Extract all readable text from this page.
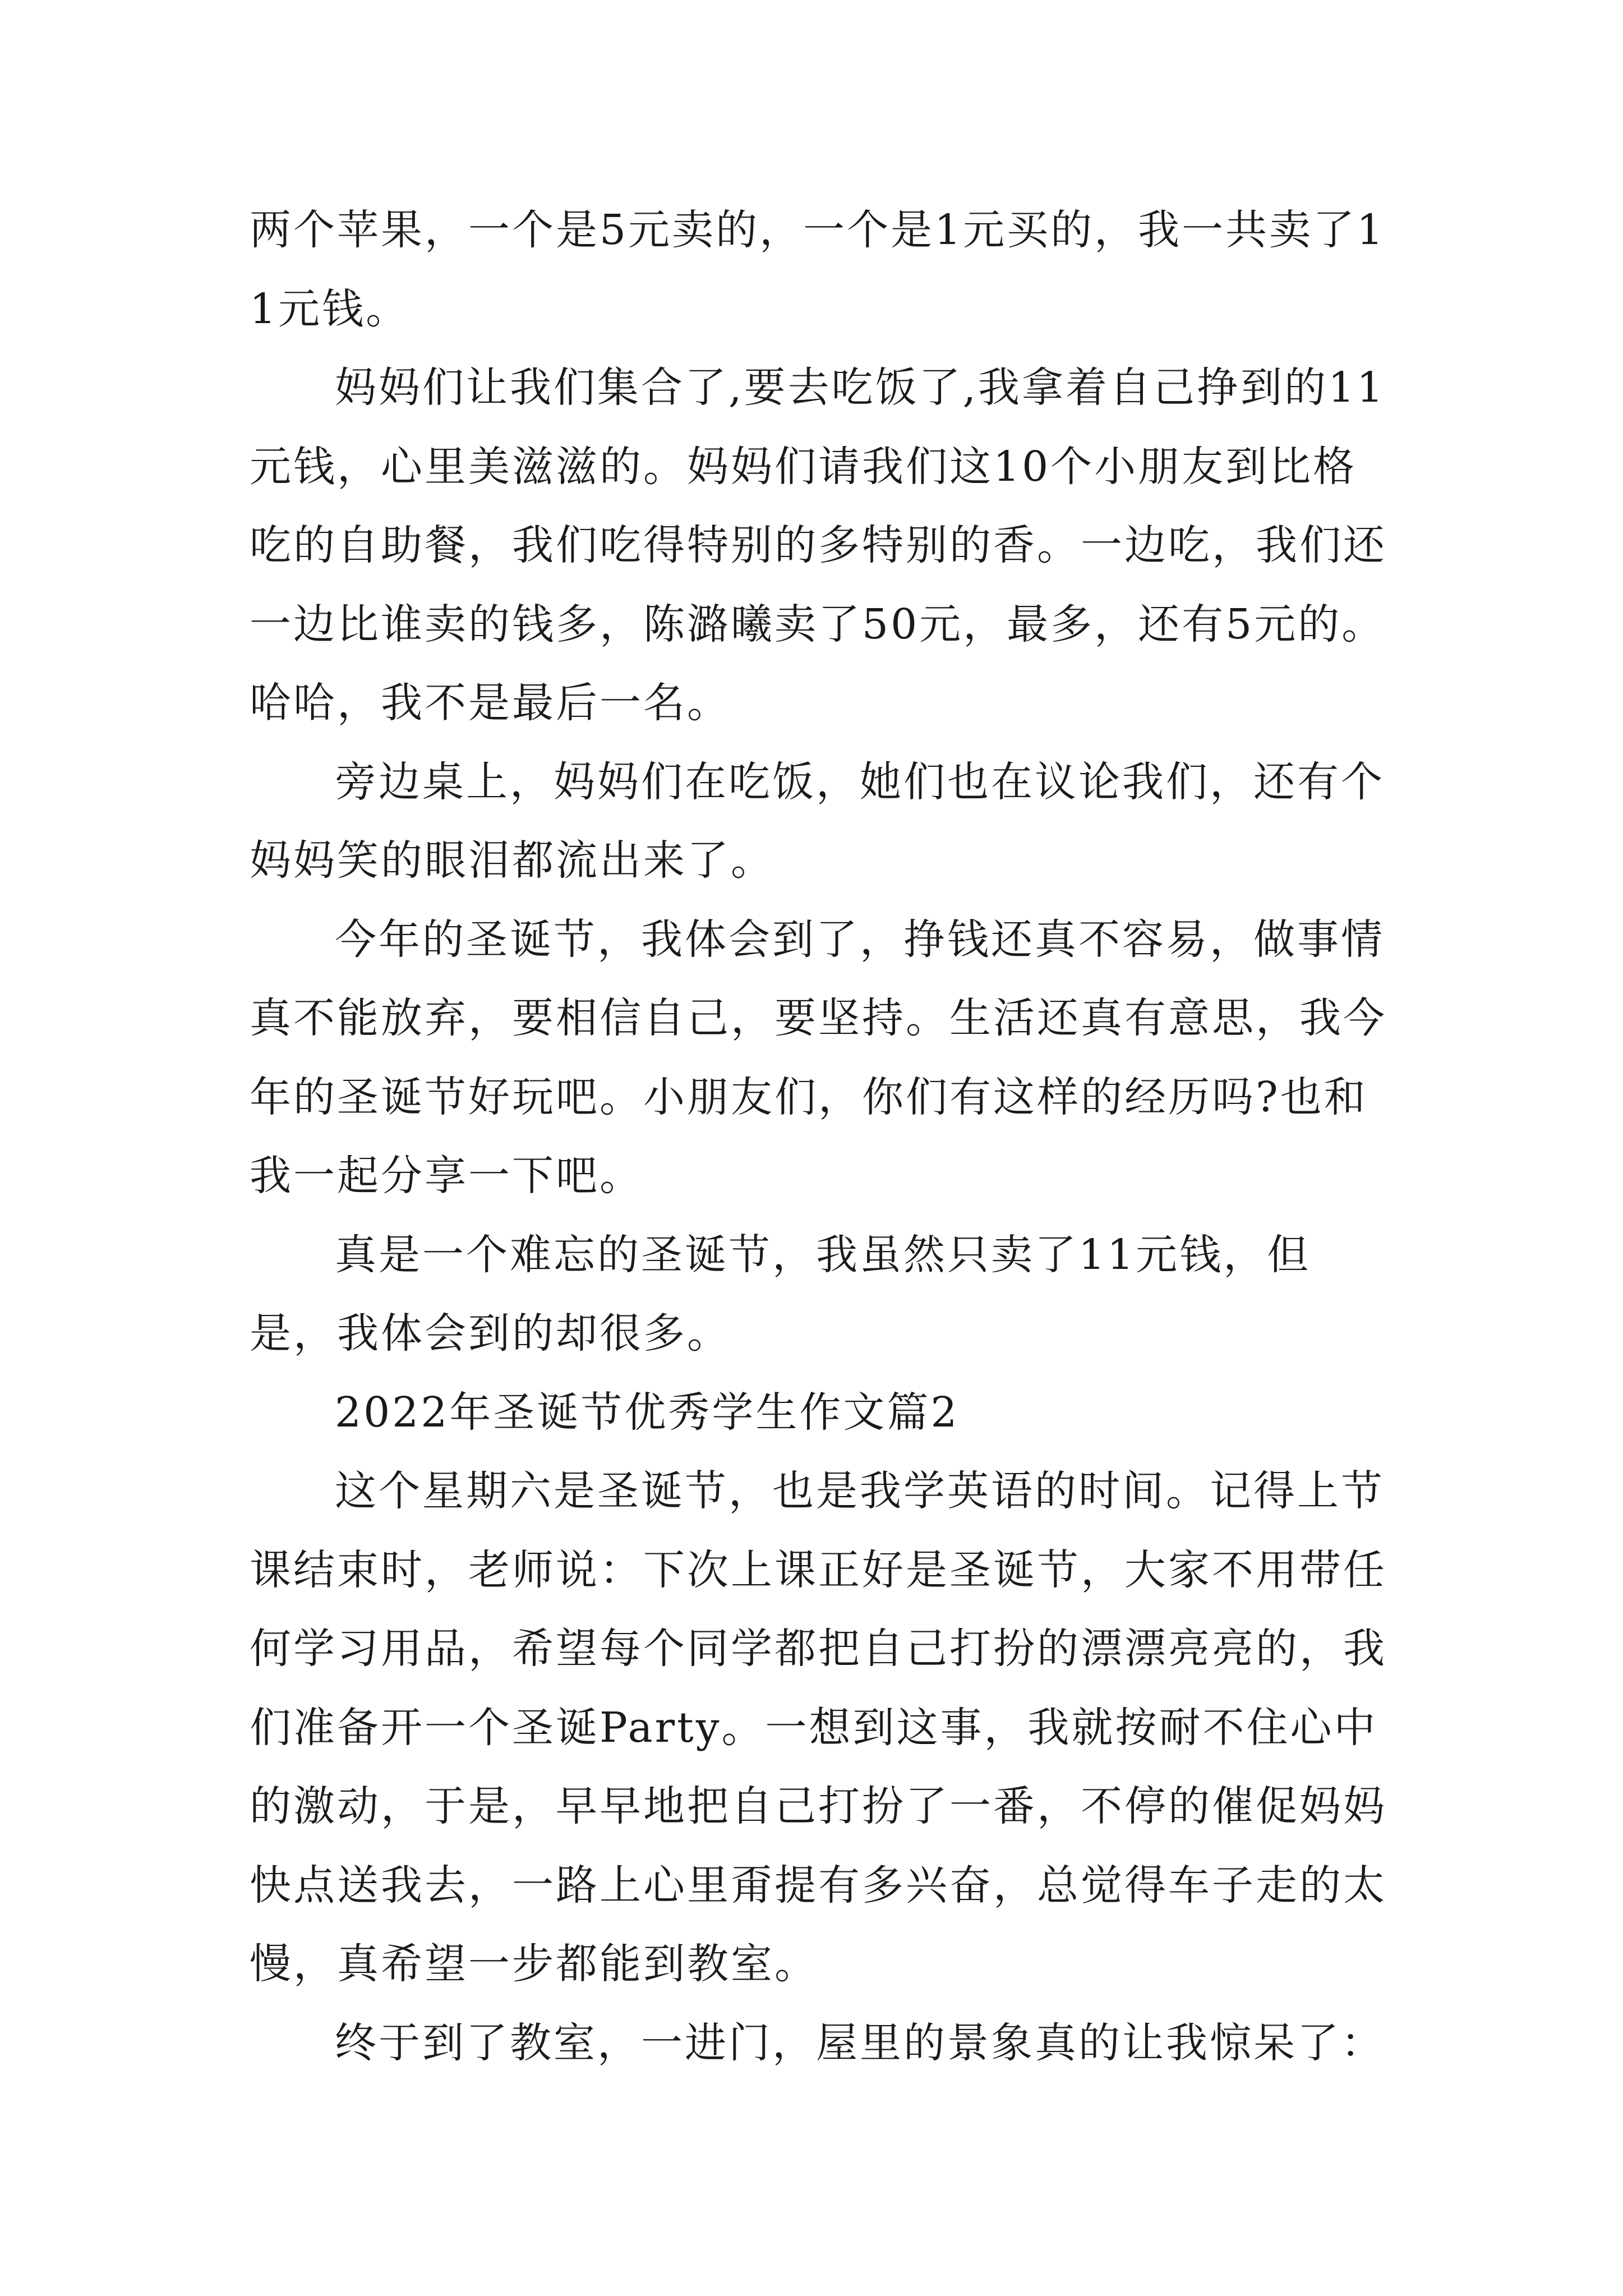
两个苹果，一个是5元卖的，一个是1元买的，我一共卖了11元钱。

妈妈们让我们集合了,要去吃饭了,我拿着自己挣到的11元钱，心里美滋滋的。妈妈们请我们这10个小朋友到比格吃的自助餐，我们吃得特别的多特别的香。一边吃，我们还一边比谁卖的钱多，陈潞曦卖了50元，最多，还有5元的。哈哈，我不是最后一名。

旁边桌上，妈妈们在吃饭，她们也在议论我们，还有个妈妈笑的眼泪都流出来了。

今年的圣诞节，我体会到了，挣钱还真不容易，做事情真不能放弃，要相信自己，要坚持。生活还真有意思，我今年的圣诞节好玩吧。小朋友们，你们有这样的经历吗?也和我一起分享一下吧。

真是一个难忘的圣诞节，我虽然只卖了11元钱，但是，我体会到的却很多。

2022年圣诞节优秀学生作文篇2

这个星期六是圣诞节，也是我学英语的时间。记得上节课结束时，老师说：下次上课正好是圣诞节，大家不用带任何学习用品，希望每个同学都把自己打扮的漂漂亮亮的，我们准备开一个圣诞Party。一想到这事，我就按耐不住心中的激动，于是，早早地把自己打扮了一番，不停的催促妈妈快点送我去，一路上心里甭提有多兴奋，总觉得车子走的太慢，真希望一步都能到教室。

终于到了教室，一进门，屋里的景象真的让我惊呆了：
